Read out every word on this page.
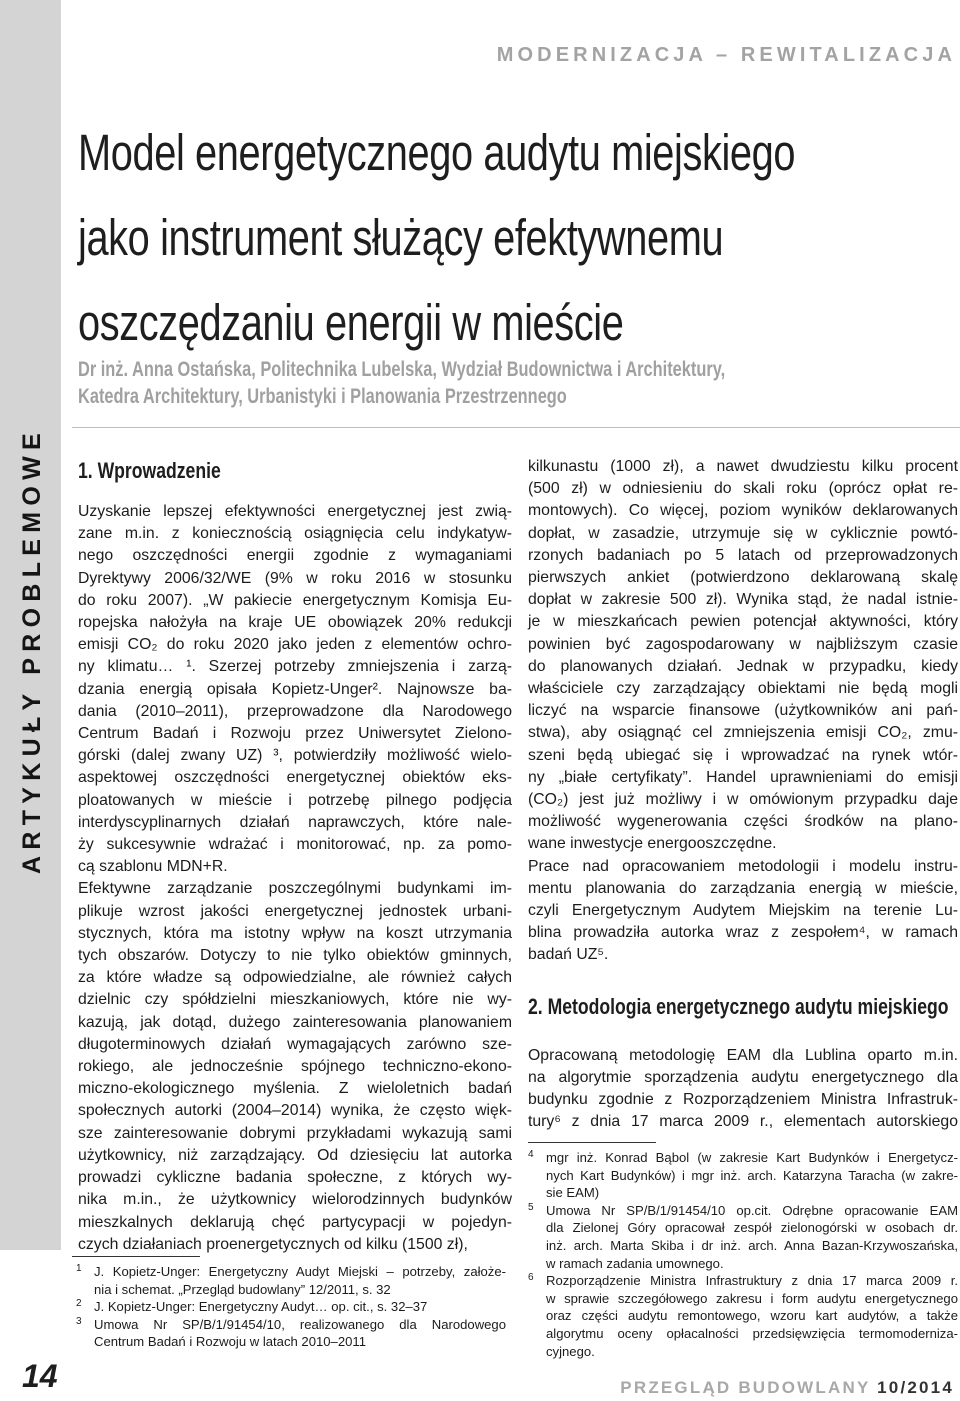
ARTYKUŁY PROBLEMOWE
MODERNIZACJA – REWITALIZACJA
Model energetycznego audytu miejskiego
jako instrument służący efektywnemu
oszczędzaniu energii w mieście
Dr inż. Anna Ostańska, Politechnika Lubelska, Wydział Budownictwa i Architektury,
Katedra Architektury, Urbanistyki i Planowania Przestrzennego
1. Wprowadzenie
Uzyskanie lepszej efektywności energetycznej jest zwią-
zane m.in. z koniecznością osiągnięcia celu indykatyw-
nego oszczędności energii zgodnie z wymaganiami
Dyrektywy 2006/32/WE (9% w roku 2016 w stosunku
do roku 2007). „W pakiecie energetycznym Komisja Eu-
ropejska nałożyła na kraje UE obowiązek 20% redukcji
emisji CO₂ do roku 2020 jako jeden z elementów ochro-
ny klimatu… ¹. Szerzej potrzeby zmniejszenia i zarzą-
dzania energią opisała Kopietz-Unger². Najnowsze ba-
dania (2010–2011), przeprowadzone dla Narodowego
Centrum Badań i Rozwoju przez Uniwersytet Zielono-
górski (dalej zwany UZ) ³, potwierdziły możliwość wielo-
aspektowej oszczędności energetycznej obiektów eks-
ploatowanych w mieście i potrzebę pilnego podjęcia
interdyscyplinarnych działań naprawczych, które nale-
ży sukcesywnie wdrażać i monitorować, np. za pomo-
cą szablonu MDN+R.
Efektywne zarządzanie poszczególnymi budynkami im-
plikuje wzrost jakości energetycznej jednostek urbani-
stycznych, która ma istotny wpływ na koszt utrzymania
tych obszarów. Dotyczy to nie tylko obiektów gminnych,
za które władze są odpowiedzialne, ale również całych
dzielnic czy spółdzielni mieszkaniowych, które nie wy-
kazują, jak dotąd, dużego zainteresowania planowaniem
długoterminowych działań wymagających zarówno sze-
rokiego, ale jednocześnie spójnego techniczno-ekono-
miczno-ekologicznego myślenia. Z wieloletnich badań
społecznych autorki (2004–2014) wynika, że często więk-
sze zainteresowanie dobrymi przykładami wykazują sami
użytkownicy, niż zarządzający. Od dziesięciu lat autorka
prowadzi cykliczne badania społeczne, z których wy-
nika m.in., że użytkownicy wielorodzinnych budynków
mieszkalnych deklarują chęć partycypacji w pojedyn-
czych działaniach proenergetycznych od kilku (1500 zł),
kilkunastu (1000 zł), a nawet dwudziestu kilku procent
(500 zł) w odniesieniu do skali roku (oprócz opłat re-
montowych). Co więcej, poziom wyników deklarowanych
dopłat, w zasadzie, utrzymuje się w cyklicznie powtó-
rzonych badaniach po 5 latach od przeprowadzonych
pierwszych ankiet (potwierdzono deklarowaną skalę
dopłat w zakresie 500 zł). Wynika stąd, że nadal istnie-
je w mieszkańcach pewien potencjał aktywności, który
powinien być zagospodarowany w najbliższym czasie
do planowanych działań. Jednak w przypadku, kiedy
właściciele czy zarządzający obiektami nie będą mogli
liczyć na wsparcie finansowe (użytkowników ani pań-
stwa), aby osiągnąć cel zmniejszenia emisji CO₂, zmu-
szeni będą ubiegać się i wprowadzać na rynek wtór-
ny „białe certyfikaty”. Handel uprawnieniami do emisji
(CO₂) jest już możliwy i w omówionym przypadku daje
możliwość wygenerowania części środków na plano-
wane inwestycje energooszczędne.
Prace nad opracowaniem metodologii i modelu instru-
mentu planowania do zarządzania energią w mieście,
czyli Energetycznym Audytem Miejskim na terenie Lu-
blina prowadziła autorka wraz z zespołem⁴, w ramach
badań UZ⁵.
2. Metodologia energetycznego audytu miejskiego
Opracowaną metodologię EAM dla Lublina oparto m.in.
na algorytmie sporządzenia audytu energetycznego dla
budynku zgodnie z Rozporządzeniem Ministra Infrastruk-
tury⁶ z dnia 17 marca 2009 r., elementach autorskiego
1 J. Kopietz-Unger: Energetyczny Audyt Miejski – potrzeby, założe-
nia i schemat. „Przegląd budowlany” 12/2011, s. 32
2 J. Kopietz-Unger: Energetyczny Audyt… op. cit., s. 32–37
3 Umowa Nr SP/B/1/91454/10, realizowanego dla Narodowego
Centrum Badań i Rozwoju w latach 2010–2011
4 mgr inż. Konrad Bąbol (w zakresie Kart Budynków i Energetycz-
nych Kart Budynków) i mgr inż. arch. Katarzyna Taracha (w zakre-
sie EAM)
5 Umowa Nr SP/B/1/91454/10 op.cit. Odrębne opracowanie EAM
dla Zielonej Góry opracował zespół zielonogórski w osobach dr.
inż. arch. Marta Skiba i dr inż. arch. Anna Bazan-Krzywoszańska,
w ramach zadania umownego.
6 Rozporządzenie Ministra Infrastruktury z dnia 17 marca 2009 r.
w sprawie szczegółowego zakresu i form audytu energetycznego
oraz części audytu remontowego, wzoru kart audytów, a także
algorytmu oceny opłacalności przedsięwzięcia termomoderniza-
cyjnego.
14	PRZEGLĄD BUDOWLANY 10/2014
